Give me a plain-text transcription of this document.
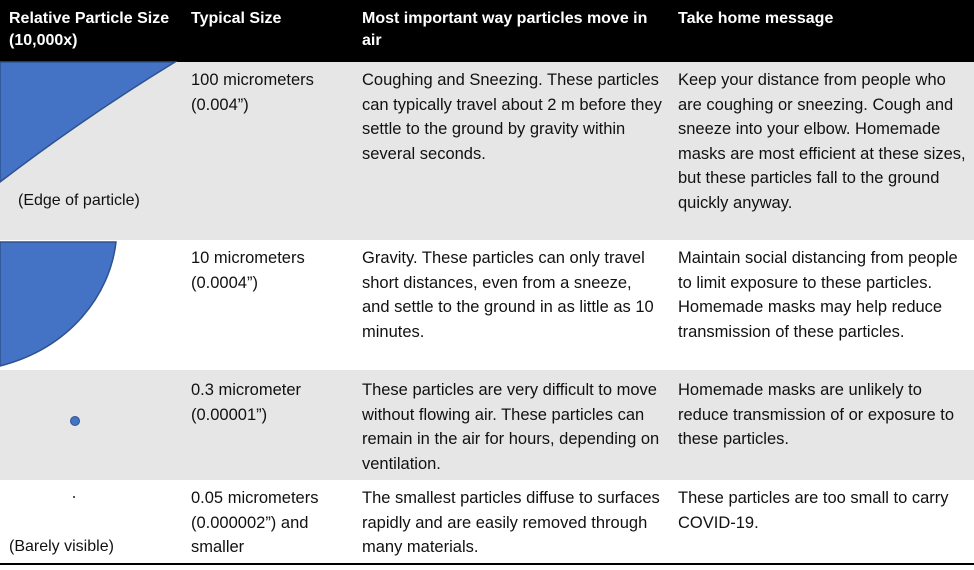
Relative Particle Size (10,000x)
Typical Size	Most important way particles move in air
Take home message
(Edge of particle)
100 micrometers (0.004”)
Coughing and Sneezing. These particles can typically travel about 2 m before they settle to the ground by gravity within several seconds.
Keep your distance from people who are coughing or sneezing. Cough and sneeze into your elbow. Homemade masks are most efficient at these sizes, but these particles fall to the ground quickly anyway.
10 micrometers (0.0004”)
Gravity. These particles can only travel short distances, even from a sneeze, and settle to the ground in as little as 10 minutes.
Maintain social distancing from people to limit exposure to these particles. Homemade masks may help reduce transmission of these particles.
0.3 micrometer (0.00001”)
These particles are very difficult to move without flowing air. These particles can remain in the air for hours, depending on ventilation.
Homemade masks are unlikely to reduce transmission of or exposure to these particles.
(Barely visible)
0.05 micrometers (0.000002”) and smaller
The smallest particles diffuse to surfaces rapidly and are easily removed through many materials.
These particles are too small to carry COVID-19.
